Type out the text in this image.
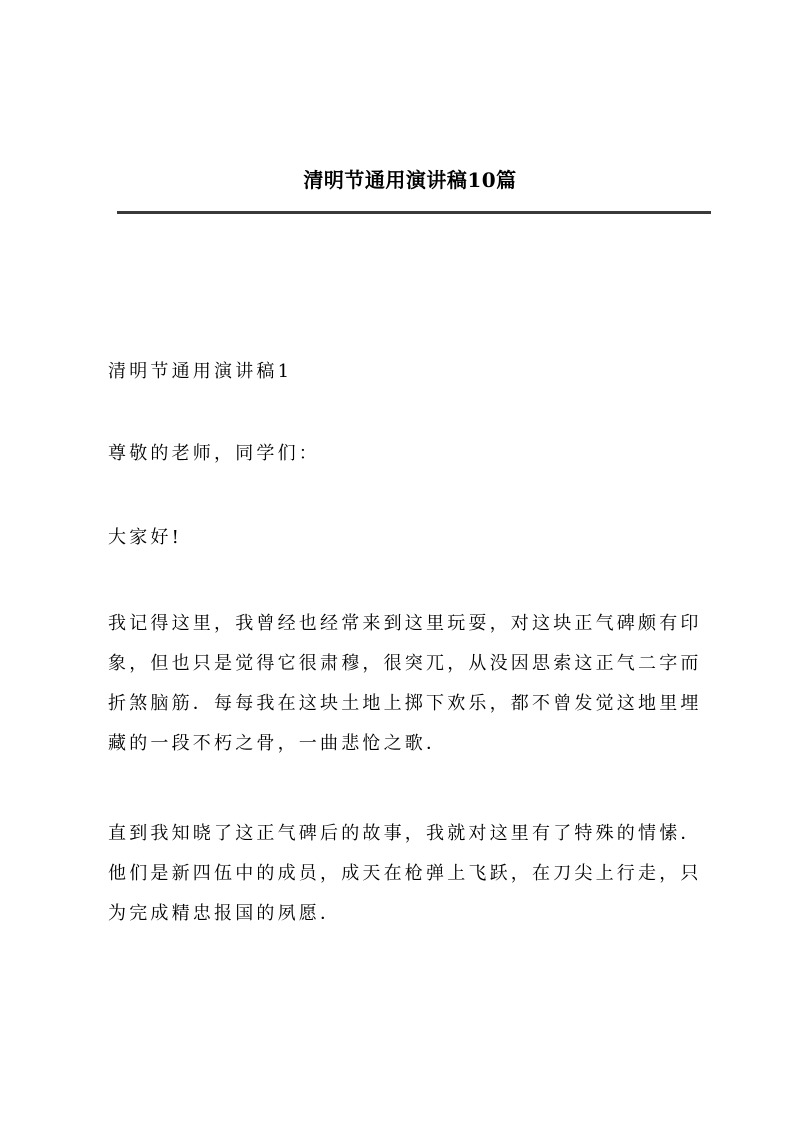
清明节通用演讲稿10篇

清明节通用演讲稿1

尊敬的老师，同学们：

大家好!

我记得这里，我曾经也经常来到这里玩耍，对这块正气碑颇有印象，但也只是觉得它很肃穆，很突兀，从没因思索这正气二字而折煞脑筋．每每我在这块土地上掷下欢乐，都不曾发觉这地里埋藏的一段不朽之骨，一曲悲怆之歌．

直到我知晓了这正气碑后的故事，我就对这里有了特殊的情愫．他们是新四伍中的成员，成天在枪弹上飞跃，在刀尖上行走，只为完成精忠报国的夙愿．
